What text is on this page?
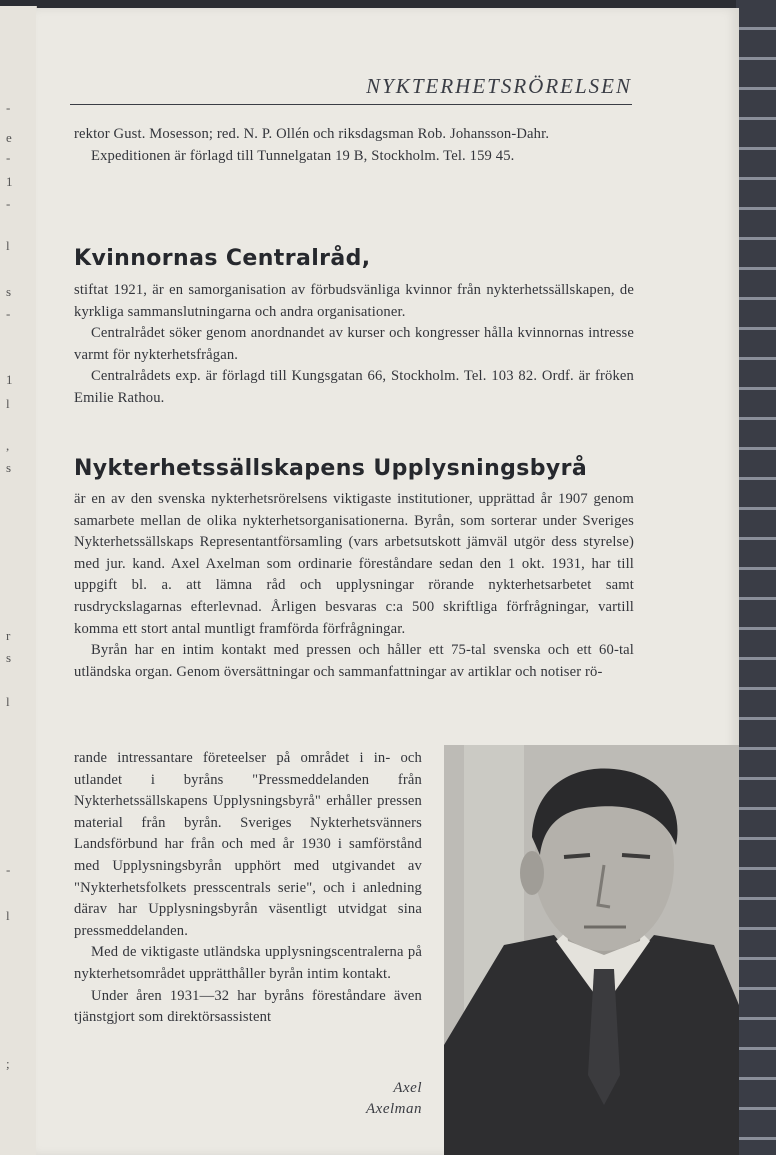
-
e
-
1
-
l
s
-
1
l
,
s
r
s
l
-
l
;
NYKTERHETSRÖRELSEN

rektor Gust. Mosesson; red. N. P. Ollén och riksdagsman Rob. Johansson-Dahr.

Expeditionen är förlagd till Tunnelgatan 19 B, Stockholm. Tel. 159 45.

Kvinnornas Centralråd,

stiftat 1921, är en samorganisation av förbudsvänliga kvinnor från nykterhetssällskapen, de kyrkliga sammanslutningarna och andra organisationer.

Centralrådet söker genom anordnandet av kurser och kongresser hålla kvinnornas intresse varmt för nykterhetsfrågan.

Centralrådets exp. är förlagd till Kungsgatan 66, Stockholm. Tel. 103 82. Ordf. är fröken Emilie Rathou.

Nykterhetssällskapens Upplysningsbyrå

är en av den svenska nykterhetsrörelsens viktigaste institutioner, upprättad år 1907 genom samarbete mellan de olika nykterhetsorganisationerna. Byrån, som sorterar under Sveriges Nykterhetssällskaps Representantförsamling (vars arbetsutskott jämväl utgör dess styrelse) med jur. kand. Axel Axelman som ordinarie föreståndare sedan den 1 okt. 1931, har till uppgift bl. a. att lämna råd och upplysningar rörande nykterhetsarbetet samt rusdryckslagarnas efterlevnad. Årligen besvaras c:a 500 skriftliga förfrågningar, vartill komma ett stort antal muntligt framförda förfrågningar.

Byrån har en intim kontakt med pressen och håller ett 75-tal svenska och ett 60-tal utländska organ. Genom översättningar och sammanfattningar av artiklar och notiser rö-

rande intressantare företeelser på området i in- och utlandet i byråns "Pressmeddelanden från Nykterhetssällskapens Upplysningsbyrå" erhåller pressen material från byrån. Sveriges Nykterhetsvänners Landsförbund har från och med år 1930 i samförstånd med Upplysningsbyrån upphört med utgivandet av "Nykterhetsfolkets presscentrals serie", och i anledning därav har Upplysningsbyrån väsentligt utvidgat sina pressmeddelanden.

Med de viktigaste utländska upplysningscentralerna på nykterhetsområdet upprätthåller byrån intim kontakt.

Under åren 1931—32 har byråns föreståndare även tjänstgjort som direktörsassistent

Axel
Axelman
